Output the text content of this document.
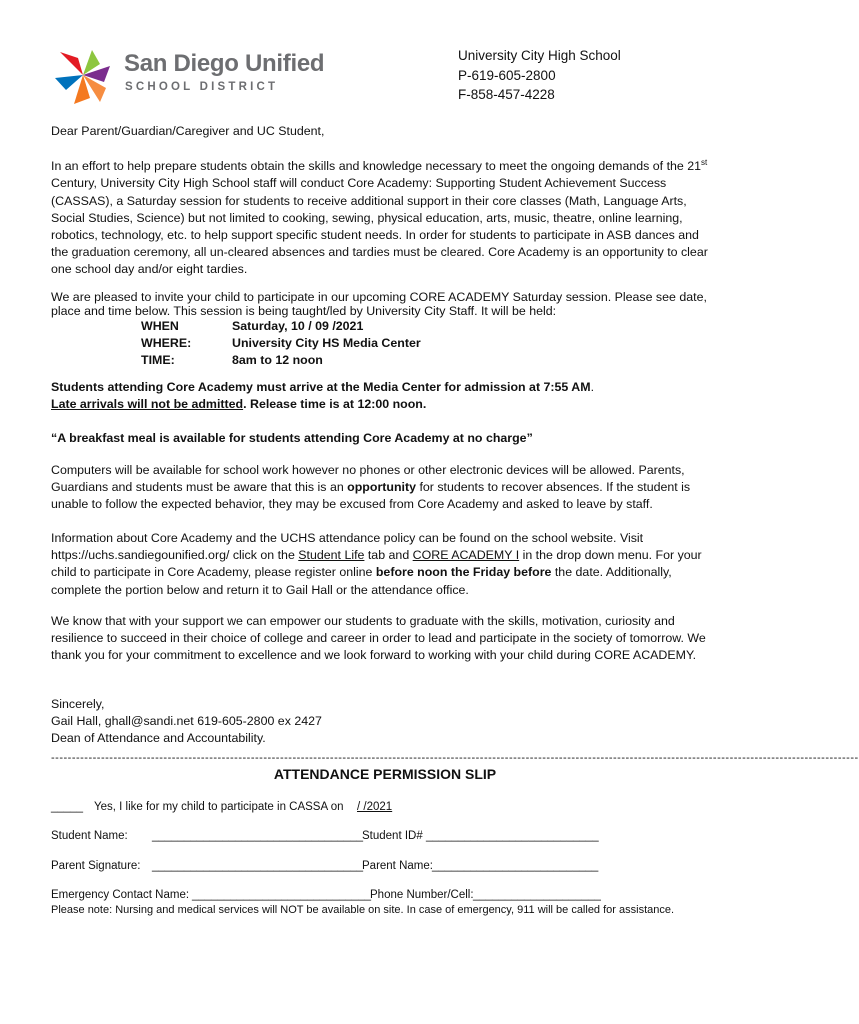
San Diego Unified
SCHOOL DISTRICT
University City High School
P-619-605-2800
F-858-457-4228
Dear Parent/Guardian/Caregiver and UC Student,

In an effort to help prepare students obtain the skills and knowledge necessary to meet the ongoing demands of the 21st Century, University City High School staff will conduct Core Academy: Supporting Student Achievement Success (CASSAS), a Saturday session for students to receive additional support in their core classes (Math, Language Arts, Social Studies, Science) but not limited to cooking, sewing, physical education, arts, music, theatre, online learning, robotics, technology, etc. to help support specific student needs. In order for students to participate in ASB dances and the graduation ceremony, all un-cleared absences and tardies must be cleared. Core Academy is an opportunity to clear one school day and/or eight tardies.

We are pleased to invite your child to participate in our upcoming CORE ACADEMY Saturday session. Please see date, place and time below. This session is being taught/led by University City Staff. It will be held:
WHEN	Saturday, 10 / 09 /2021
WHERE:	University City HS Media Center
TIME:	8am to 12 noon

Students attending Core Academy must arrive at the Media Center for admission at 7:55 AM.
Late arrivals will not be admitted. Release time is at 12:00 noon.

“A breakfast meal is available for students attending Core Academy at no charge”

Computers will be available for school work however no phones or other electronic devices will be allowed. Parents, Guardians and students must be aware that this is an opportunity for students to recover absences. If the student is unable to follow the expected behavior, they may be excused from Core Academy and asked to leave by staff.

Information about Core Academy and the UCHS attendance policy can be found on the school website. Visit https://uchs.sandiegounified.org/ click on the Student Life tab and CORE ACADEMY I in the drop down menu. For your child to participate in Core Academy, please register online before noon the Friday before the date. Additionally, complete the portion below and return it to Gail Hall or the attendance office.

We know that with your support we can empower our students to graduate with the skills, motivation, curiosity and resilience to succeed in their choice of college and career in order to lead and participate in the society of tomorrow. We thank you for your commitment to excellence and we look forward to working with your child during CORE ACADEMY.
Sincerely,
Gail Hall, ghall@sandi.net 619-605-2800 ex 2427
Dean of Attendance and Accountability.
--------------------------------------------------------------------------------------------------------------------------------------------------------------------------------------------------
ATTENDANCE PERMISSION SLIP
_____ Yes, I like for my child to participate in CASSA on / /2021
Student Name: _________________________________
Student ID# ___________________________
Parent Signature: _________________________________
Parent Name: __________________________
Emergency Contact Name: ____________________________
Phone Number/Cell: ____________________
Please note: Nursing and medical services will NOT be available on site. In case of emergency, 911 will be called for assistance.
